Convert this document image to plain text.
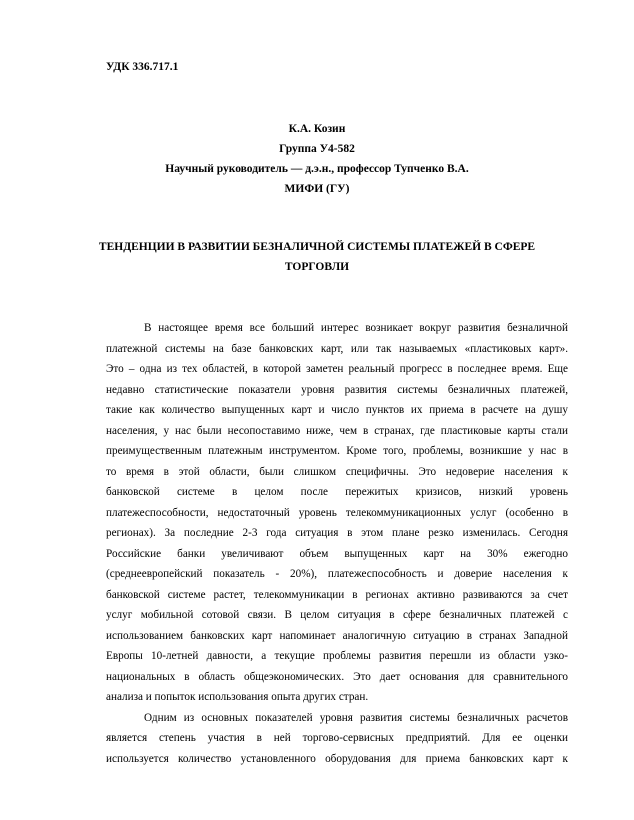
УДК 336.717.1
К.А. Козин
Группа У4-582
Научный руководитель — д.э.н., профессор Тупченко В.А.
МИФИ (ГУ)
ТЕНДЕНЦИИ В РАЗВИТИИ БЕЗНАЛИЧНОЙ СИСТЕМЫ ПЛАТЕЖЕЙ В СФЕРЕ
ТОРГОВЛИ
В настоящее время все больший интерес возникает вокруг развития безналичной
платежной системы на базе банковских карт, или так называемых «пластиковых карт».
Это – одна из тех областей, в которой заметен реальный прогресс в последнее время. Еще
недавно статистические показатели уровня развития системы безналичных платежей,
такие как количество выпущенных карт и число пунктов их приема в расчете на душу
населения, у нас были несопоставимо ниже, чем в странах, где пластиковые карты стали
преимущественным платежным инструментом. Кроме того, проблемы, возникшие у нас в
то время в этой области, были слишком специфичны. Это недоверие населения к
банковской системе в целом после пережитых кризисов, низкий уровень
платежеспособности, недостаточный уровень телекоммуникационных услуг (особенно в
регионах). За последние 2-3 года ситуация в этом плане резко изменилась. Сегодня
Российские банки увеличивают объем выпущенных карт на 30% ежегодно
(среднеевропейский показатель - 20%), платежеспособность и доверие населения к
банковской системе растет, телекоммуникации в регионах активно развиваются за счет
услуг мобильной сотовой связи. В целом ситуация в сфере безналичных платежей с
использованием банковских карт напоминает аналогичную ситуацию в странах Западной
Европы 10-летней давности, а текущие проблемы развития перешли из области узко-
национальных в область общеэкономических. Это дает основания для сравнительного
анализа и попыток использования опыта других стран.
Одним из основных показателей уровня развития системы безналичных расчетов
является степень участия в ней торгово-сервисных предприятий. Для ее оценки
используется количество установленного оборудования для приема банковских карт к
